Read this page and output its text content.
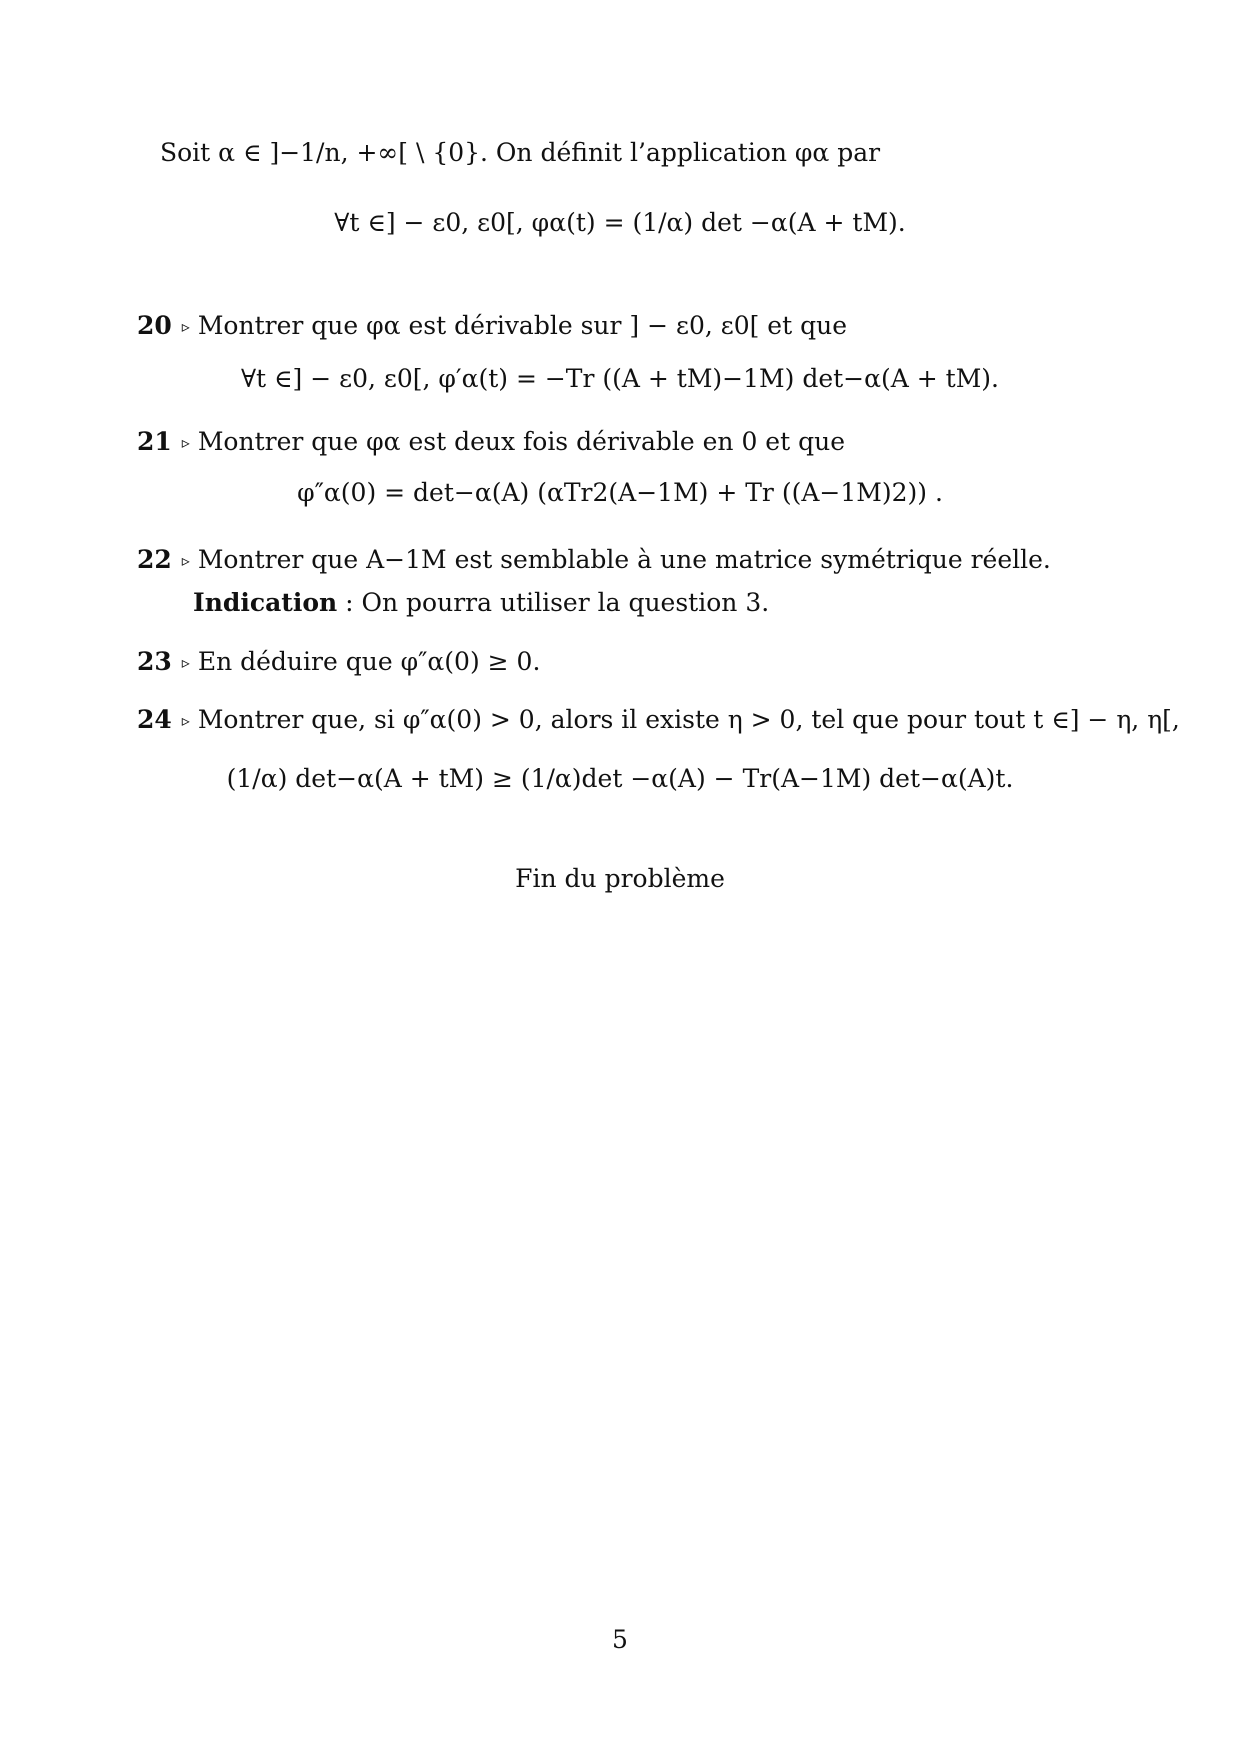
Soit α ∈ ]−1/n, +∞[ \ {0}. On définit l’application φα par
∀t ∈] − ε0, ε0[, φα(t) = (1/α) det −α(A + tM).
20 ▹ Montrer que φα est dérivable sur ] − ε0, ε0[ et que
∀t ∈] − ε0, ε0[, φ′α(t) = −Tr ((A + tM)−1M) det−α(A + tM).
21 ▹ Montrer que φα est deux fois dérivable en 0 et que
φ″α(0) = det−α(A) (αTr2(A−1M) + Tr ((A−1M)2)) .
22 ▹ Montrer que A−1M est semblable à une matrice symétrique réelle.
Indication : On pourra utiliser la question 3.
23 ▹ En déduire que φ″α(0) ≥ 0.
24 ▹ Montrer que, si φ″α(0) > 0, alors il existe η > 0, tel que pour tout t ∈] − η, η[,
(1/α) det−α(A + tM) ≥ (1/α)det −α(A) − Tr(A−1M) det−α(A)t.
Fin du problème
5
